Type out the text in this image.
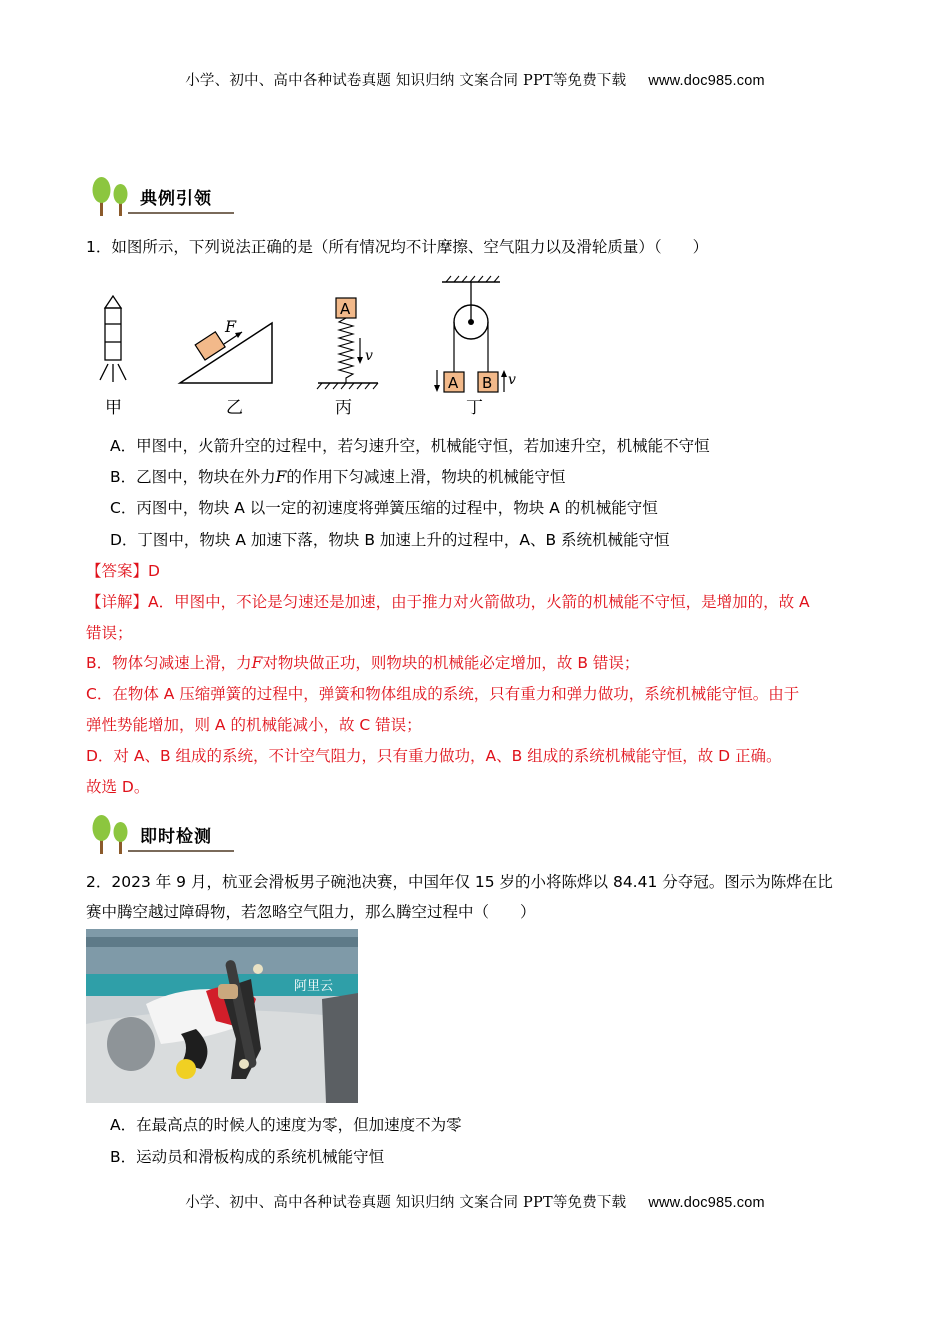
小学、初中、高中各种试卷真题 知识归纳 文案合同 PPT等免费下载 www.doc985.com
典例引领
1．如图所示，下列说法正确的是（所有情况均不计摩擦、空气阻力以及滑轮质量）（　　）
甲
F
乙
A
v
丙
A B v
丁
A．甲图中，火箭升空的过程中，若匀速升空，机械能守恒，若加速升空，机械能不守恒
B．乙图中，物块在外力F的作用下匀减速上滑，物块的机械能守恒
C．丙图中，物块 A 以一定的初速度将弹簧压缩的过程中，物块 A 的机械能守恒
D．丁图中，物块 A 加速下落，物块 B 加速上升的过程中，A、B 系统机械能守恒
【答案】D
【详解】A．甲图中，不论是匀速还是加速，由于推力对火箭做功，火箭的机械能不守恒，是增加的，故 A
错误；
B．物体匀减速上滑，力F对物块做正功，则物块的机械能必定增加，故 B 错误；
C．在物体 A 压缩弹簧的过程中，弹簧和物体组成的系统，只有重力和弹力做功，系统机械能守恒。由于
弹性势能增加，则 A 的机械能减小，故 C 错误；
D．对 A、B 组成的系统，不计空气阻力，只有重力做功，A、B 组成的系统机械能守恒，故 D 正确。
故选 D。
即时检测
2．2023 年 9 月，杭亚会滑板男子碗池决赛，中国年仅 15 岁的小将陈烨以 84.41 分夺冠。图示为陈烨在比
赛中腾空越过障碍物，若忽略空气阻力，那么腾空过程中（　　）
阿里云
A．在最高点的时候人的速度为零，但加速度不为零
B．运动员和滑板构成的系统机械能守恒
小学、初中、高中各种试卷真题 知识归纳 文案合同 PPT等免费下载 www.doc985.com
